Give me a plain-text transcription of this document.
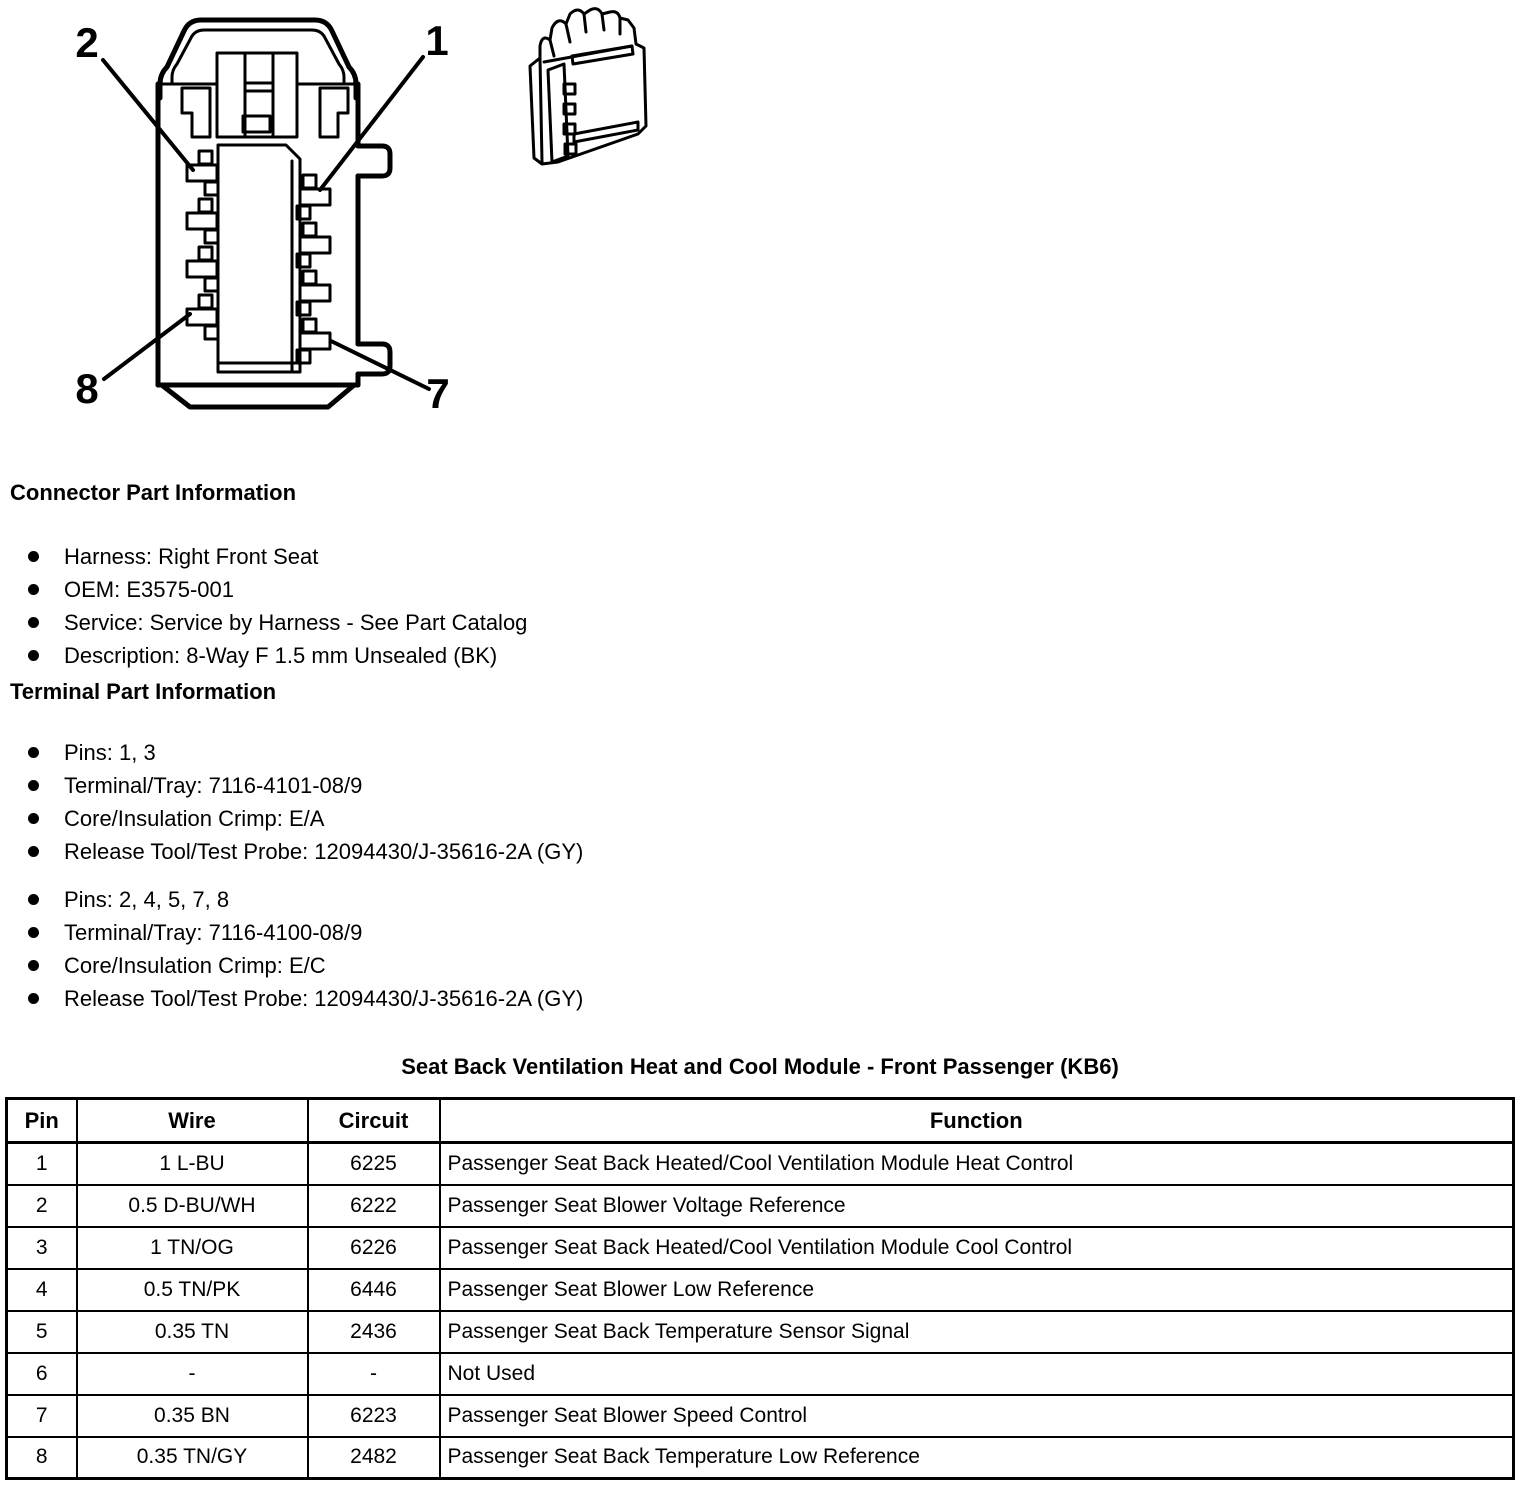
2	1
8	7
Connector Part Information
Harness: Right Front Seat
OEM: E3575-001
Service: Service by Harness - See Part Catalog
Description: 8-Way F 1.5 mm Unsealed (BK)
Terminal Part Information
Pins: 1, 3
Terminal/Tray: 7116-4101-08/9
Core/Insulation Crimp: E/A
Release Tool/Test Probe: 12094430/J-35616-2A (GY)
Pins: 2, 4, 5, 7, 8
Terminal/Tray: 7116-4100-08/9
Core/Insulation Crimp: E/C
Release Tool/Test Probe: 12094430/J-35616-2A (GY)
Seat Back Ventilation Heat and Cool Module - Front Passenger (KB6)
Pin	Wire	Circuit	Function
1	1 L-BU	6225	Passenger Seat Back Heated/Cool Ventilation Module Heat Control
2	0.5 D-BU/WH	6222	Passenger Seat Blower Voltage Reference
3	1 TN/OG	6226	Passenger Seat Back Heated/Cool Ventilation Module Cool Control
4	0.5 TN/PK	6446	Passenger Seat Blower Low Reference
5	0.35 TN	2436	Passenger Seat Back Temperature Sensor Signal
6	-	-	Not Used
7	0.35 BN	6223	Passenger Seat Blower Speed Control
8	0.35 TN/GY	2482	Passenger Seat Back Temperature Low Reference
